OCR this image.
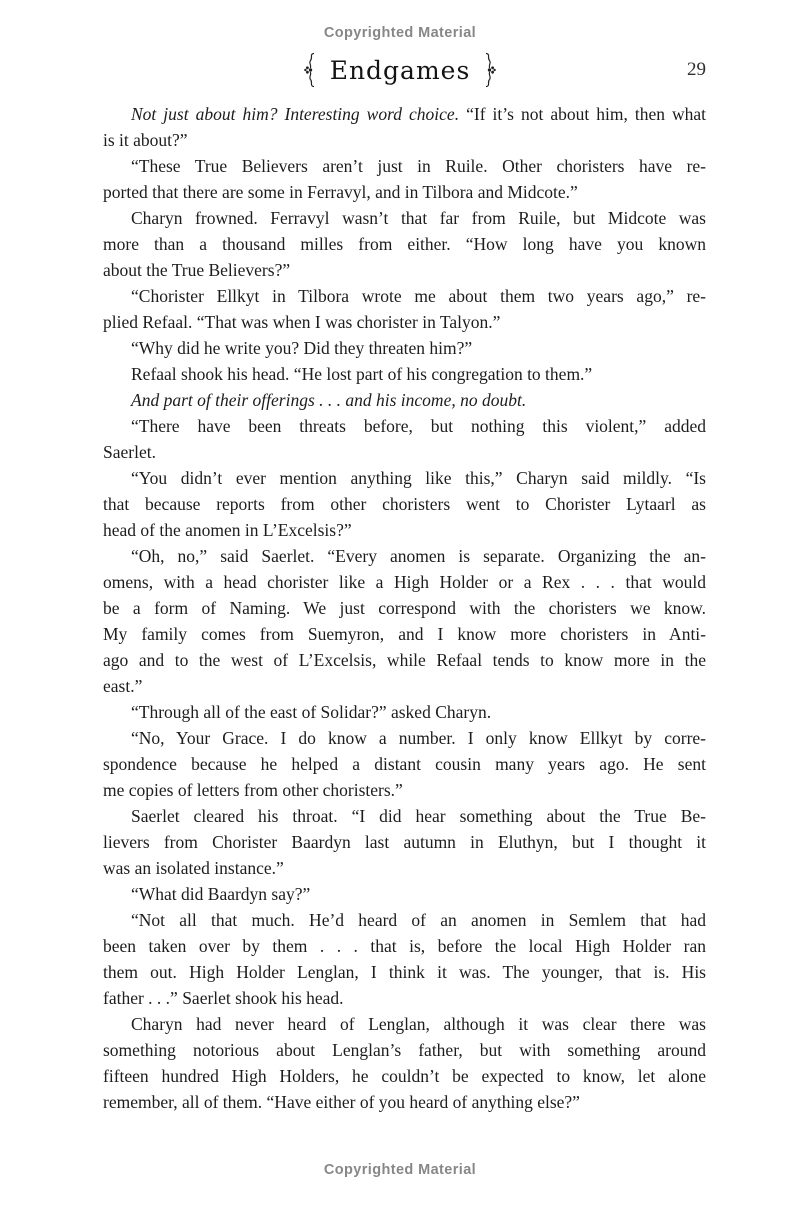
Copyrighted Material
Endgames	29
Not just about him? Interesting word choice. “If it’s not about him, then what
is it about?”
“These True Believers aren’t just in Ruile. Other choristers have re-
ported that there are some in Ferravyl, and in Tilbora and Midcote.”
Charyn frowned. Ferravyl wasn’t that far from Ruile, but Midcote was
more than a thousand milles from either. “How long have you known
about the True Believers?”
“Chorister Ellkyt in Tilbora wrote me about them two years ago,” re-
plied Refaal. “That was when I was chorister in Talyon.”
“Why did he write you? Did they threaten him?”
Refaal shook his head. “He lost part of his congregation to them.”
And part of their offerings . . . and his income, no doubt.
“There have been threats before, but nothing this violent,” added
Saerlet.
“You didn’t ever mention anything like this,” Charyn said mildly. “Is
that because reports from other choristers went to Chorister Lytaarl as
head of the anomen in L’Excelsis?”
“Oh, no,” said Saerlet. “Every anomen is separate. Organizing the an-
omens, with a head chorister like a High Holder or a Rex . . . that would
be a form of Naming. We just correspond with the choristers we know.
My family comes from Suemyron, and I know more choristers in Anti-
ago and to the west of L’Excelsis, while Refaal tends to know more in the
east.”
“Through all of the east of Solidar?” asked Charyn.
“No, Your Grace. I do know a number. I only know Ellkyt by corre-
spondence because he helped a distant cousin many years ago. He sent
me copies of letters from other choristers.”
Saerlet cleared his throat. “I did hear something about the True Be-
lievers from Chorister Baardyn last autumn in Eluthyn, but I thought it
was an isolated instance.”
“What did Baardyn say?”
“Not all that much. He’d heard of an anomen in Semlem that had
been taken over by them . . . that is, before the local High Holder ran
them out. High Holder Lenglan, I think it was. The younger, that is. His
father . . .” Saerlet shook his head.
Charyn had never heard of Lenglan, although it was clear there was
something notorious about Lenglan’s father, but with something around
fifteen hundred High Holders, he couldn’t be expected to know, let alone
remember, all of them. “Have either of you heard of anything else?”
Copyrighted Material
